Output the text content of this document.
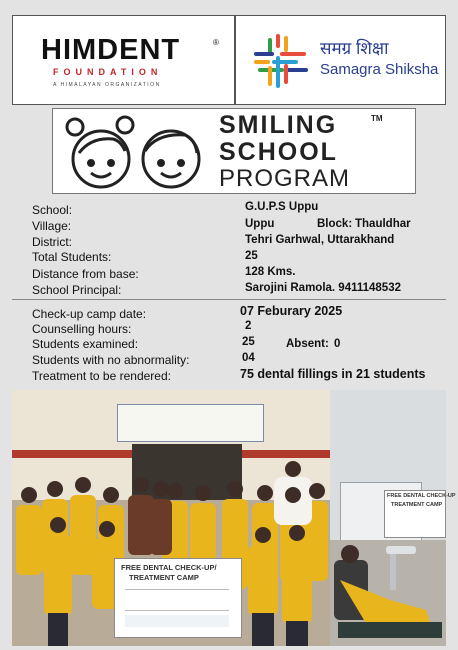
HIMDENT	®
FOUNDATION
A HIMALAYAN ORGANIZATION
समग्र शिक्षा
Samagra Shiksha
SMILING	TM
SCHOOL
PROGRAM
School:	G.U.P.S Uppu
Village:	Uppu	Block: Thauldhar
District:	Tehri Garhwal, Uttarakhand
Total Students:	25
Distance from base:	128 Kms.
School Principal:	Sarojini Ramola. 9411148532
Check-up camp date:	07 Feburary 2025
Counselling hours:	2
Students examined:	25	Absent: 0
Students with no abnormality:	04
Treatment to be rendered:	75 dental fillings in 21 students
FREE DENTAL CHECK-UP/
TREATMENT CAMP
FREE DENTAL CHECK-UP
TREATMENT CAMP
